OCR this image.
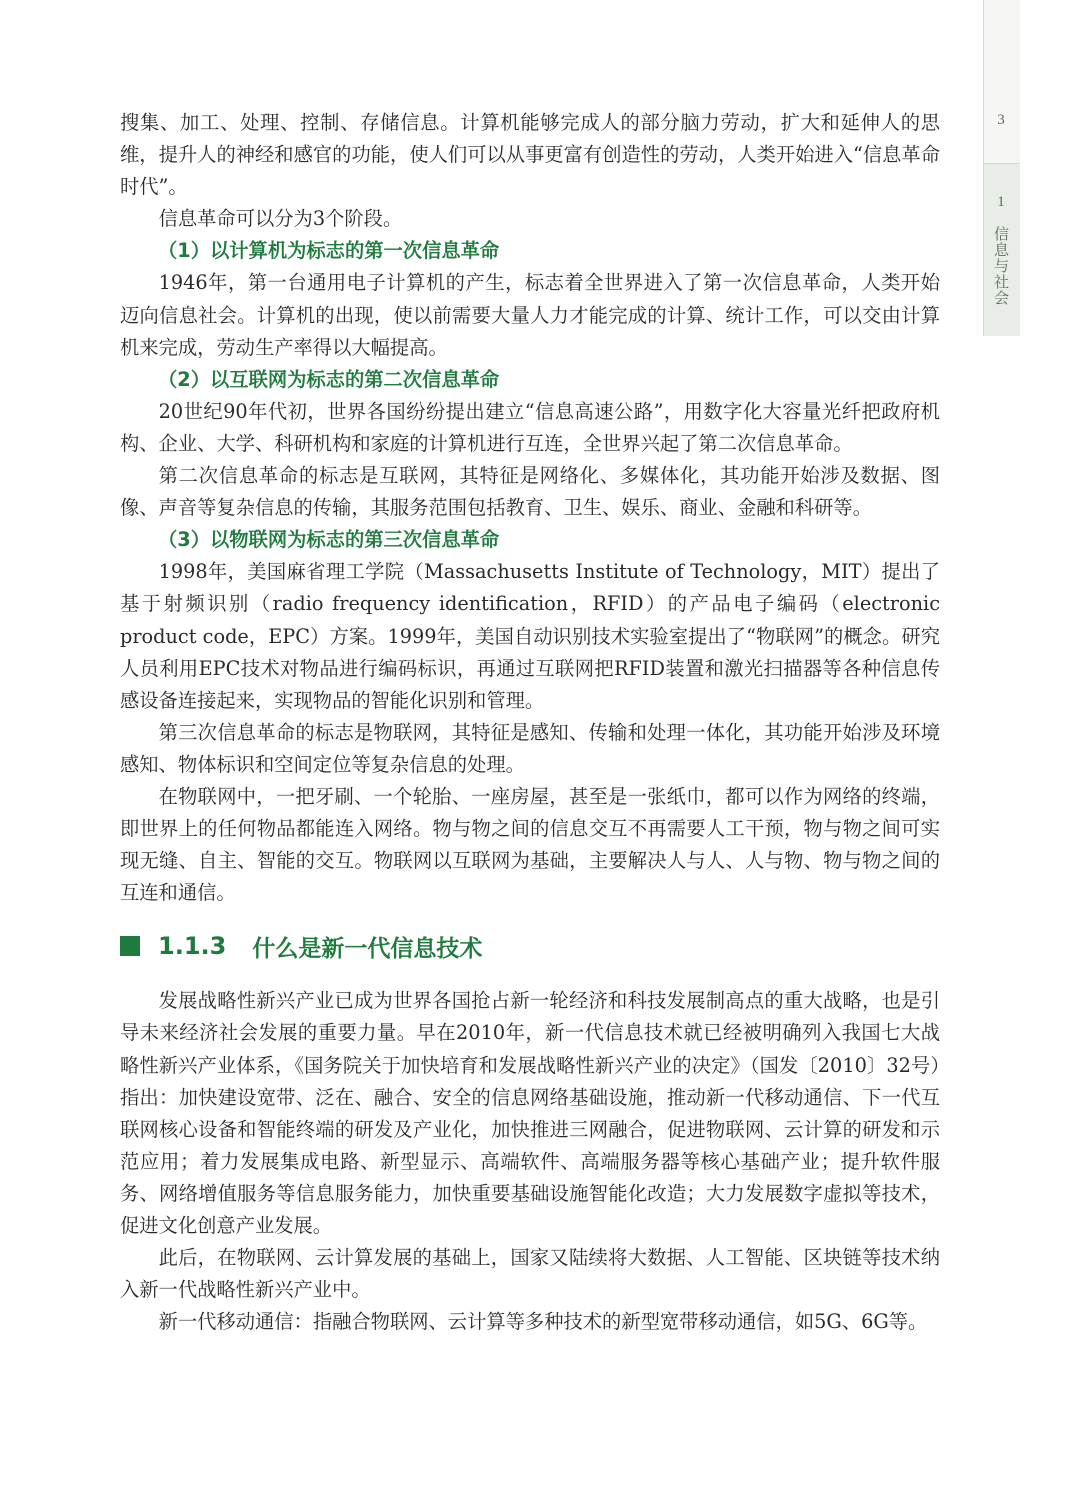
3
1
信息与社会

搜集、加工、处理、控制、存储信息。计算机能够完成人的部分脑力劳动，扩大和延伸人的思维，提升人的神经和感官的功能，使人们可以从事更富有创造性的劳动，人类开始进入“信息革命时代”。

信息革命可以分为3个阶段。

（1）以计算机为标志的第一次信息革命

1946年，第一台通用电子计算机的产生，标志着全世界进入了第一次信息革命，人类开始迈向信息社会。计算机的出现，使以前需要大量人力才能完成的计算、统计工作，可以交由计算机来完成，劳动生产率得以大幅提高。

（2）以互联网为标志的第二次信息革命

20世纪90年代初，世界各国纷纷提出建立“信息高速公路”，用数字化大容量光纤把政府机构、企业、大学、科研机构和家庭的计算机进行互连，全世界兴起了第二次信息革命。

第二次信息革命的标志是互联网，其特征是网络化、多媒体化，其功能开始涉及数据、图像、声音等复杂信息的传输，其服务范围包括教育、卫生、娱乐、商业、金融和科研等。

（3）以物联网为标志的第三次信息革命

1998年，美国麻省理工学院（Massachusetts Institute of Technology，MIT）提出了基于射频识别（radio frequency identification，RFID）的产品电子编码（electronic product code，EPC）方案。1999年，美国自动识别技术实验室提出了“物联网”的概念。研究人员利用EPC技术对物品进行编码标识，再通过互联网把RFID装置和激光扫描器等各种信息传感设备连接起来，实现物品的智能化识别和管理。

第三次信息革命的标志是物联网，其特征是感知、传输和处理一体化，其功能开始涉及环境感知、物体标识和空间定位等复杂信息的处理。

在物联网中，一把牙刷、一个轮胎、一座房屋，甚至是一张纸巾，都可以作为网络的终端，即世界上的任何物品都能连入网络。物与物之间的信息交互不再需要人工干预，物与物之间可实现无缝、自主、智能的交互。物联网以互联网为基础，主要解决人与人、人与物、物与物之间的互连和通信。

1.1.3 什么是新一代信息技术

发展战略性新兴产业已成为世界各国抢占新一轮经济和科技发展制高点的重大战略，也是引导未来经济社会发展的重要力量。早在2010年，新一代信息技术就已经被明确列入我国七大战略性新兴产业体系，《国务院关于加快培育和发展战略性新兴产业的决定》（国发〔2010〕32号）指出：加快建设宽带、泛在、融合、安全的信息网络基础设施，推动新一代移动通信、下一代互联网核心设备和智能终端的研发及产业化，加快推进三网融合，促进物联网、云计算的研发和示范应用；着力发展集成电路、新型显示、高端软件、高端服务器等核心基础产业；提升软件服务、网络增值服务等信息服务能力，加快重要基础设施智能化改造；大力发展数字虚拟等技术，促进文化创意产业发展。

此后，在物联网、云计算发展的基础上，国家又陆续将大数据、人工智能、区块链等技术纳入新一代战略性新兴产业中。

新一代移动通信：指融合物联网、云计算等多种技术的新型宽带移动通信，如5G、6G等。
